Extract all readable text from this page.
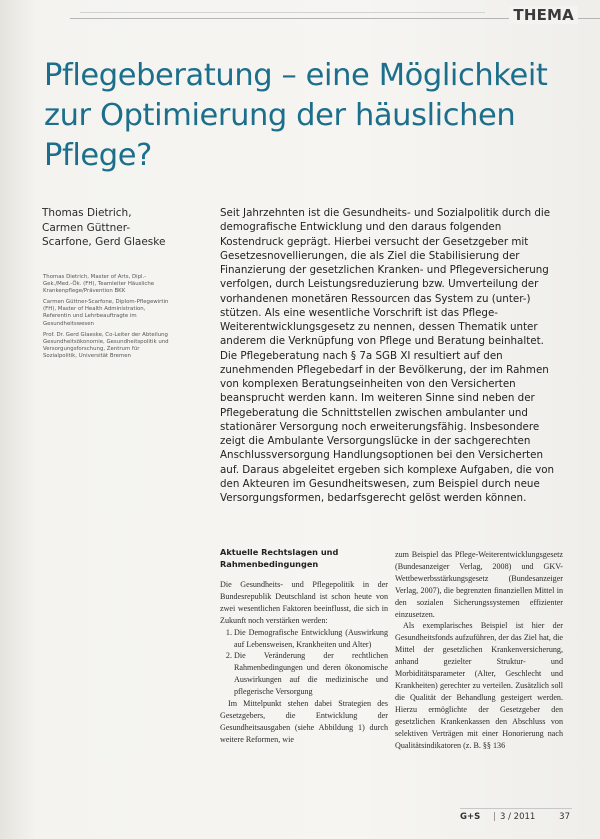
THEMA
Pflegeberatung – eine Möglichkeit zur Optimierung der häuslichen Pflege?
Thomas Dietrich, Carmen Güttner-Scarfone, Gerd Glaeske

Thomas Dietrich, Master of Arts, Dipl.-Gek./Med.-Ök. (FH), Teamleiter Häusliche Krankenpflege/Prävention BKK

Carmen Güttner-Scarfone, Diplom-Pflegewirtin (FH), Master of Health Administration, Referentin und Lehrbeauftragte im Gesundheitswesen

Prof. Dr. Gerd Glaeske, Co-Leiter der Abteilung Gesundheitsökonomie, Gesundheitspolitik und Versorgungsforschung, Zentrum für Sozialpolitik, Universität Bremen

Seit Jahrzehnten ist die Gesundheits- und Sozialpolitik durch die demografische Entwicklung und den daraus folgenden Kostendruck geprägt. Hierbei versucht der Gesetzgeber mit Gesetzesnovellierungen, die als Ziel die Stabilisierung der Finanzierung der gesetzlichen Kranken- und Pflegeversicherung verfolgen, durch Leistungsreduzierung bzw. Umverteilung der vorhandenen monetären Ressourcen das System zu (unter-) stützen. Als eine wesentliche Vorschrift ist das Pflege-Weiterentwicklungsgesetz zu nennen, dessen Thematik unter anderem die Verknüpfung von Pflege und Beratung beinhaltet. Die Pflegeberatung nach § 7a SGB XI resultiert auf den zunehmenden Pflegebedarf in der Bevölkerung, der im Rahmen von komplexen Beratungseinheiten von den Versicherten beansprucht werden kann. Im weiteren Sinne sind neben der Pflegeberatung die Schnittstellen zwischen ambulanter und stationärer Versorgung noch erweiterungsfähig. Insbesondere zeigt die Ambulante Versorgungslücke in der sachgerechten Anschlussversorgung Handlungsoptionen bei den Versicherten auf. Daraus abgeleitet ergeben sich komplexe Aufgaben, die von den Akteuren im Gesundheitswesen, zum Beispiel durch neue Versorgungsformen, bedarfsgerecht gelöst werden können.
Aktuelle Rechtslagen und Rahmenbedingungen

Die Gesundheits- und Pflegepolitik in der Bundesrepublik Deutschland ist schon heute von zwei wesentlichen Faktoren beeinflusst, die sich in Zukunft noch verstärken werden:

1. Die Demografische Entwicklung (Auswirkung auf Lebensweisen, Krankheiten und Alter)
2. Die Veränderung der rechtlichen Rahmenbedingungen und deren ökonomische Auswirkungen auf die medizinische und pflegerische Versorgung

Im Mittelpunkt stehen dabei Strategien des Gesetzgebers, die Entwicklung der Gesundheitsausgaben (siehe Abbildung 1) durch weitere Reformen, wie

zum Beispiel das Pflege-Weiterentwicklungsgesetz (Bundesanzeiger Verlag, 2008) und GKV-Wettbewerbsstärkungsgesetz (Bundesanzeiger Verlag, 2007), die begrenzten finanziellen Mittel in den sozialen Sicherungssystemen effizienter einzusetzen.

Als exemplarisches Beispiel ist hier der Gesundheitsfonds aufzuführen, der das Ziel hat, die Mittel der gesetzlichen Krankenversicherung, anhand gezielter Struktur- und Morbiditätsparameter (Alter, Geschlecht und Krankheiten) gerechter zu verteilen. Zusätzlich soll die Qualität der Behandlung gesteigert werden. Hierzu ermöglichte der Gesetzgeber den gesetzlichen Krankenkassen den Abschluss von selektiven Verträgen mit einer Honorierung nach Qualitätsindikatoren (z. B. §§ 136

G+S | 3 / 2011	37
